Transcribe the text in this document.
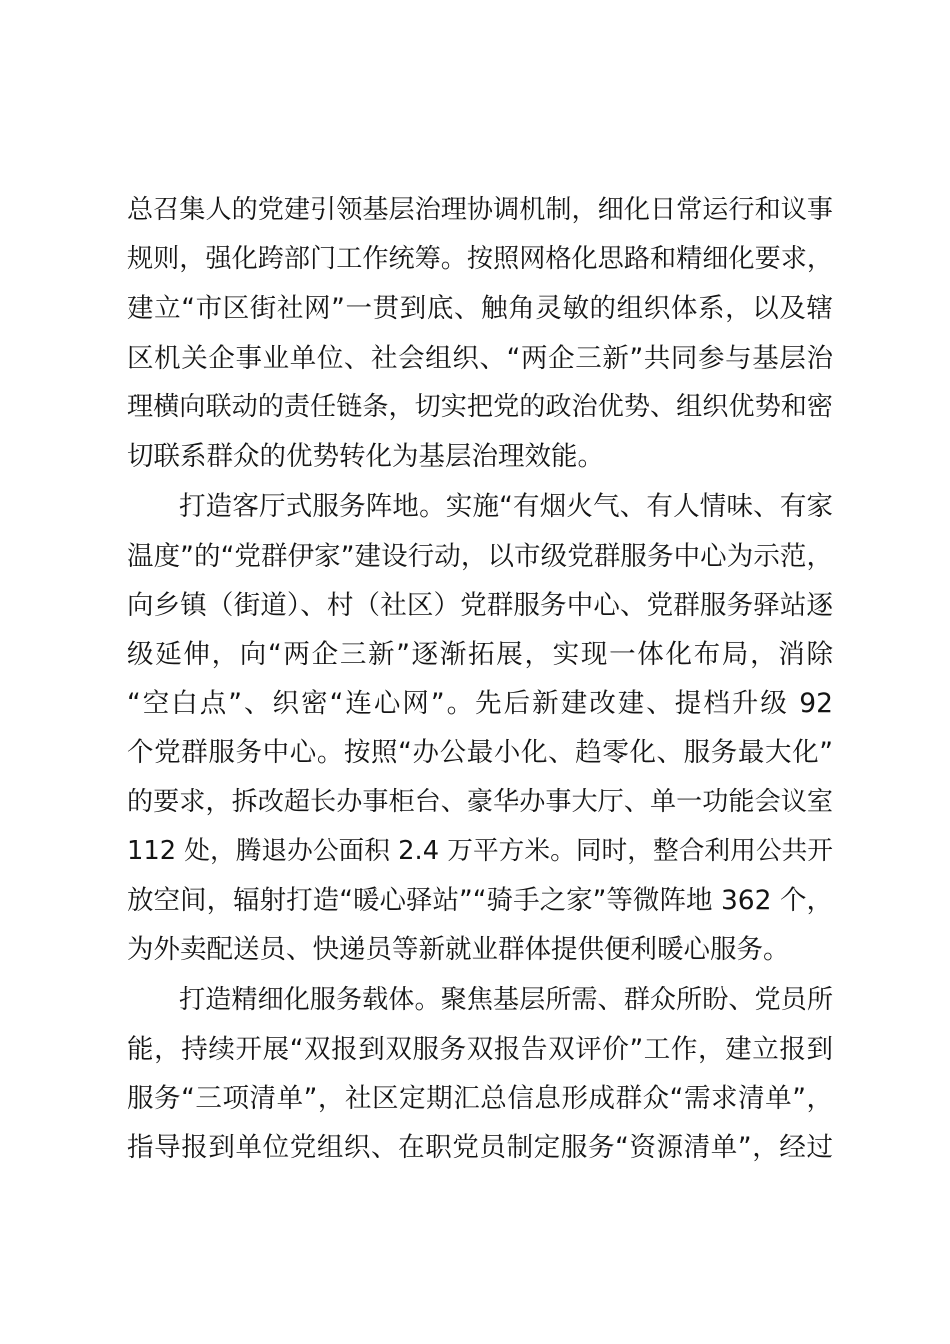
总召集人的党建引领基层治理协调机制，细化日常运行和议事
规则，强化跨部门工作统筹。按照网格化思路和精细化要求，
建立“市区街社网”一贯到底、触角灵敏的组织体系，以及辖
区机关企事业单位、社会组织、“两企三新”共同参与基层治
理横向联动的责任链条，切实把党的政治优势、组织优势和密
切联系群众的优势转化为基层治理效能。
打造客厅式服务阵地。实施“有烟火气、有人情味、有家
温度”的“党群伊家”建设行动，以市级党群服务中心为示范，
向乡镇（街道）、村（社区）党群服务中心、党群服务驿站逐
级延伸，向“两企三新”逐渐拓展，实现一体化布局，消除
“空白点”、织密“连心网”。先后新建改建、提档升级 92
个党群服务中心。按照“办公最小化、趋零化、服务最大化”
的要求，拆改超长办事柜台、豪华办事大厅、单一功能会议室
112 处，腾退办公面积 2.4 万平方米。同时，整合利用公共开
放空间，辐射打造“暖心驿站”“骑手之家”等微阵地 362 个，
为外卖配送员、快递员等新就业群体提供便利暖心服务。
打造精细化服务载体。聚焦基层所需、群众所盼、党员所
能，持续开展“双报到双服务双报告双评价”工作，建立报到
服务“三项清单”，社区定期汇总信息形成群众“需求清单”，
指导报到单位党组织、在职党员制定服务“资源清单”，经过
